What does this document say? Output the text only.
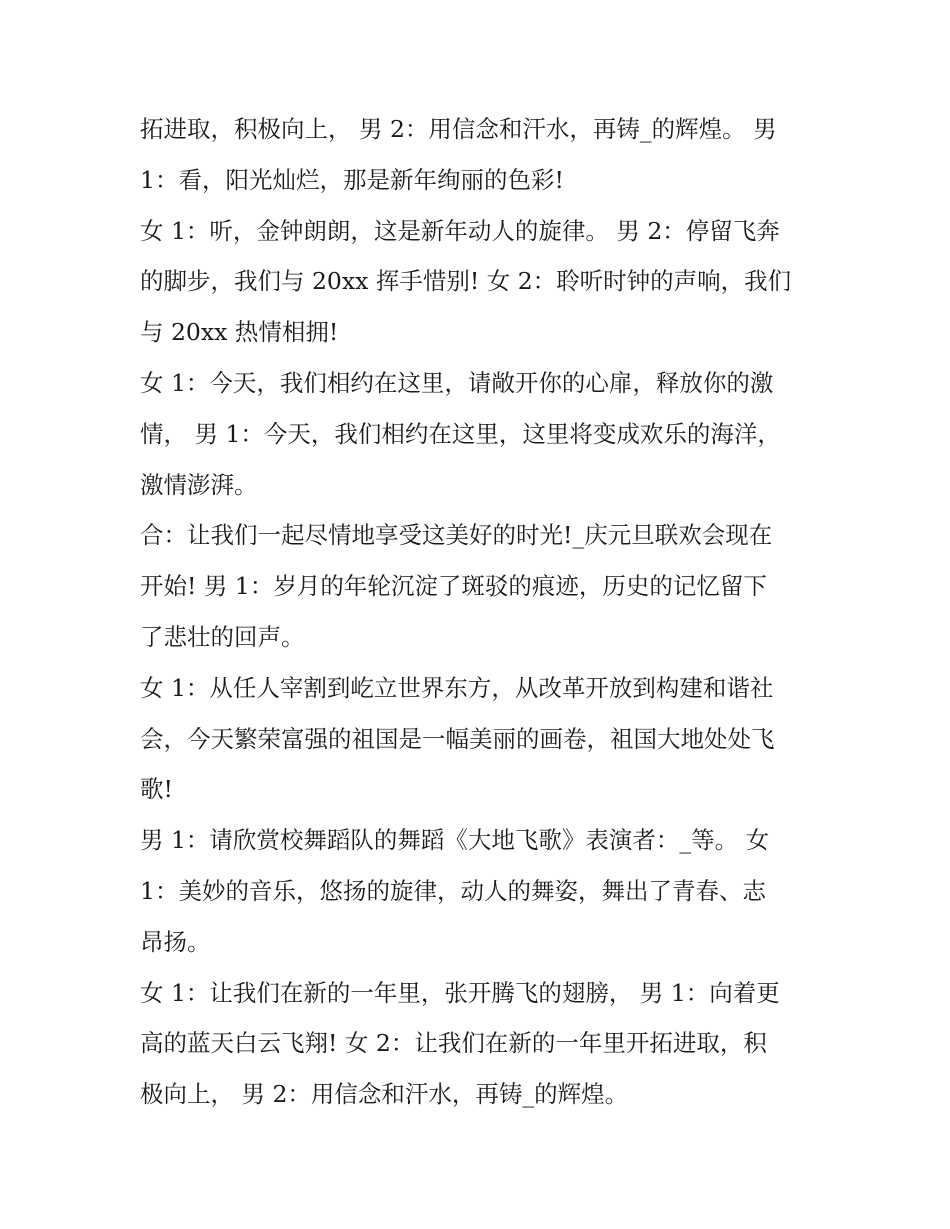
拓进取，积极向上， 男 2：用信念和汗水，再铸_的辉煌。 男
1：看，阳光灿烂，那是新年绚丽的色彩!
女 1：听，金钟朗朗，这是新年动人的旋律。 男 2：停留飞奔
的脚步，我们与 20xx 挥手惜别! 女 2：聆听时钟的声响，我们
与 20xx 热情相拥!
女 1：今天，我们相约在这里，请敞开你的心扉，释放你的激
情， 男 1：今天，我们相约在这里，这里将变成欢乐的海洋，
激情澎湃。
合：让我们一起尽情地享受这美好的时光!_庆元旦联欢会现在
开始! 男 1：岁月的年轮沉淀了斑驳的痕迹，历史的记忆留下
了悲壮的回声。
女 1：从任人宰割到屹立世界东方，从改革开放到构建和谐社
会，今天繁荣富强的祖国是一幅美丽的画卷，祖国大地处处飞
歌!
男 1：请欣赏校舞蹈队的舞蹈《大地飞歌》表演者：_等。 女
1：美妙的音乐，悠扬的旋律，动人的舞姿，舞出了青春、志
昂扬。
女 1：让我们在新的一年里，张开腾飞的翅膀， 男 1：向着更
高的蓝天白云飞翔! 女 2：让我们在新的一年里开拓进取，积
极向上， 男 2：用信念和汗水，再铸_的辉煌。
